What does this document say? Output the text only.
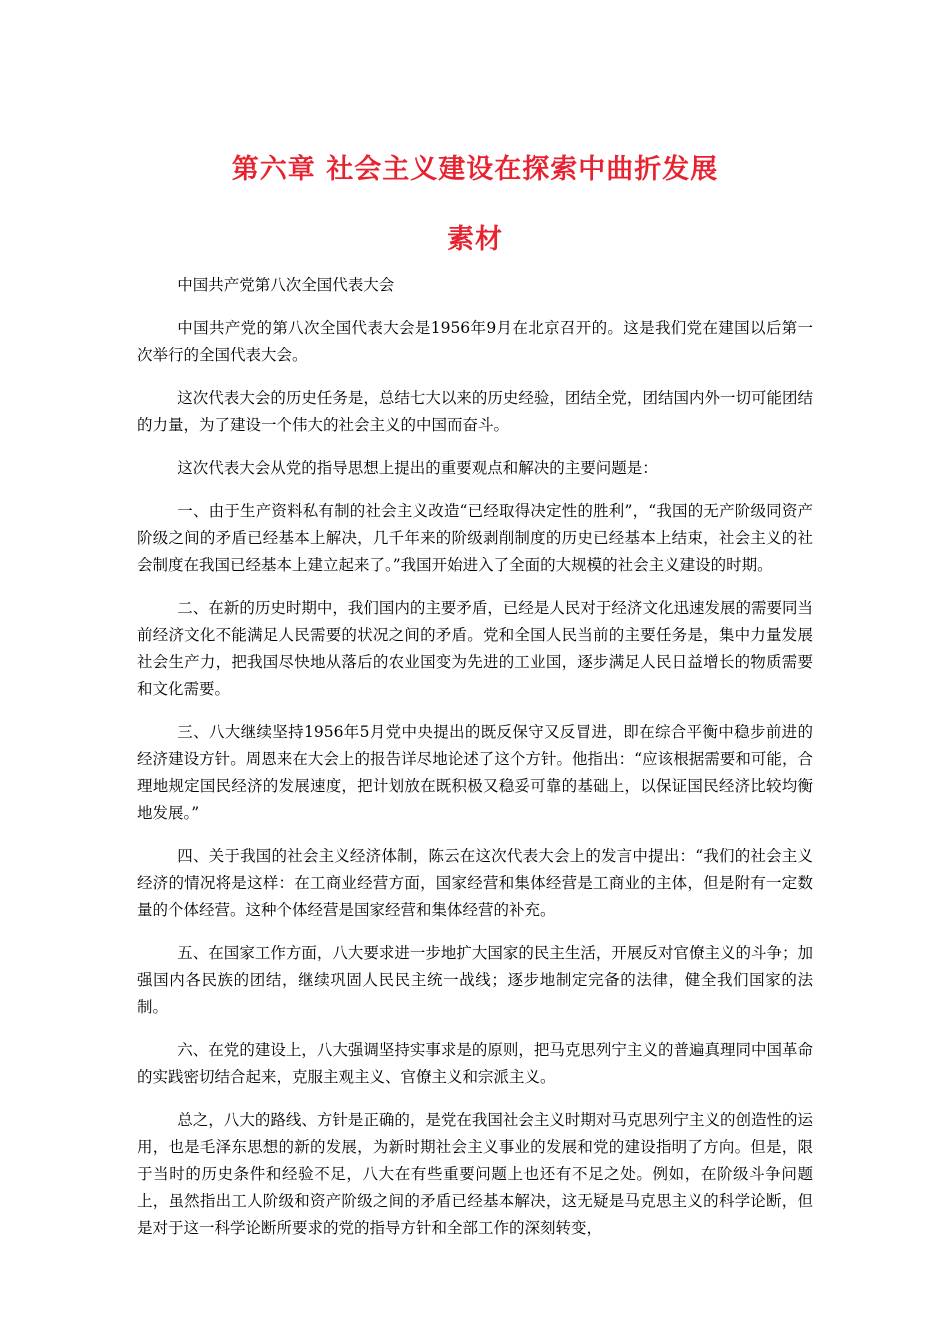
第六章 社会主义建设在探索中曲折发展
素材

中国共产党第八次全国代表大会

中国共产党的第八次全国代表大会是1956年9月在北京召开的。这是我们党在建国以后第一次举行的全国代表大会。

这次代表大会的历史任务是，总结七大以来的历史经验，团结全党，团结国内外一切可能团结的力量，为了建设一个伟大的社会主义的中国而奋斗。

这次代表大会从党的指导思想上提出的重要观点和解决的主要问题是：

一、由于生产资料私有制的社会主义改造“已经取得决定性的胜利”，“我国的无产阶级同资产阶级之间的矛盾已经基本上解决，几千年来的阶级剥削制度的历史已经基本上结束，社会主义的社会制度在我国已经基本上建立起来了。”我国开始进入了全面的大规模的社会主义建设的时期。

二、在新的历史时期中，我们国内的主要矛盾，已经是人民对于经济文化迅速发展的需要同当前经济文化不能满足人民需要的状况之间的矛盾。党和全国人民当前的主要任务是，集中力量发展社会生产力，把我国尽快地从落后的农业国变为先进的工业国，逐步满足人民日益增长的物质需要和文化需要。

三、八大继续坚持1956年5月党中央提出的既反保守又反冒进，即在综合平衡中稳步前进的经济建设方针。周恩来在大会上的报告详尽地论述了这个方针。他指出：“应该根据需要和可能，合理地规定国民经济的发展速度，把计划放在既积极又稳妥可靠的基础上，以保证国民经济比较均衡地发展。”

四、关于我国的社会主义经济体制，陈云在这次代表大会上的发言中提出：“我们的社会主义经济的情况将是这样：在工商业经营方面，国家经营和集体经营是工商业的主体，但是附有一定数量的个体经营。这种个体经营是国家经营和集体经营的补充。

五、在国家工作方面，八大要求进一步地扩大国家的民主生活，开展反对官僚主义的斗争；加强国内各民族的团结，继续巩固人民民主统一战线；逐步地制定完备的法律，健全我们国家的法制。

六、在党的建设上，八大强调坚持实事求是的原则，把马克思列宁主义的普遍真理同中国革命的实践密切结合起来，克服主观主义、官僚主义和宗派主义。

总之，八大的路线、方针是正确的，是党在我国社会主义时期对马克思列宁主义的创造性的运用，也是毛泽东思想的新的发展，为新时期社会主义事业的发展和党的建设指明了方向。但是，限于当时的历史条件和经验不足，八大在有些重要问题上也还有不足之处。例如，在阶级斗争问题上，虽然指出工人阶级和资产阶级之间的矛盾已经基本解决，这无疑是马克思主义的科学论断，但是对于这一科学论断所要求的党的指导方针和全部工作的深刻转变，
